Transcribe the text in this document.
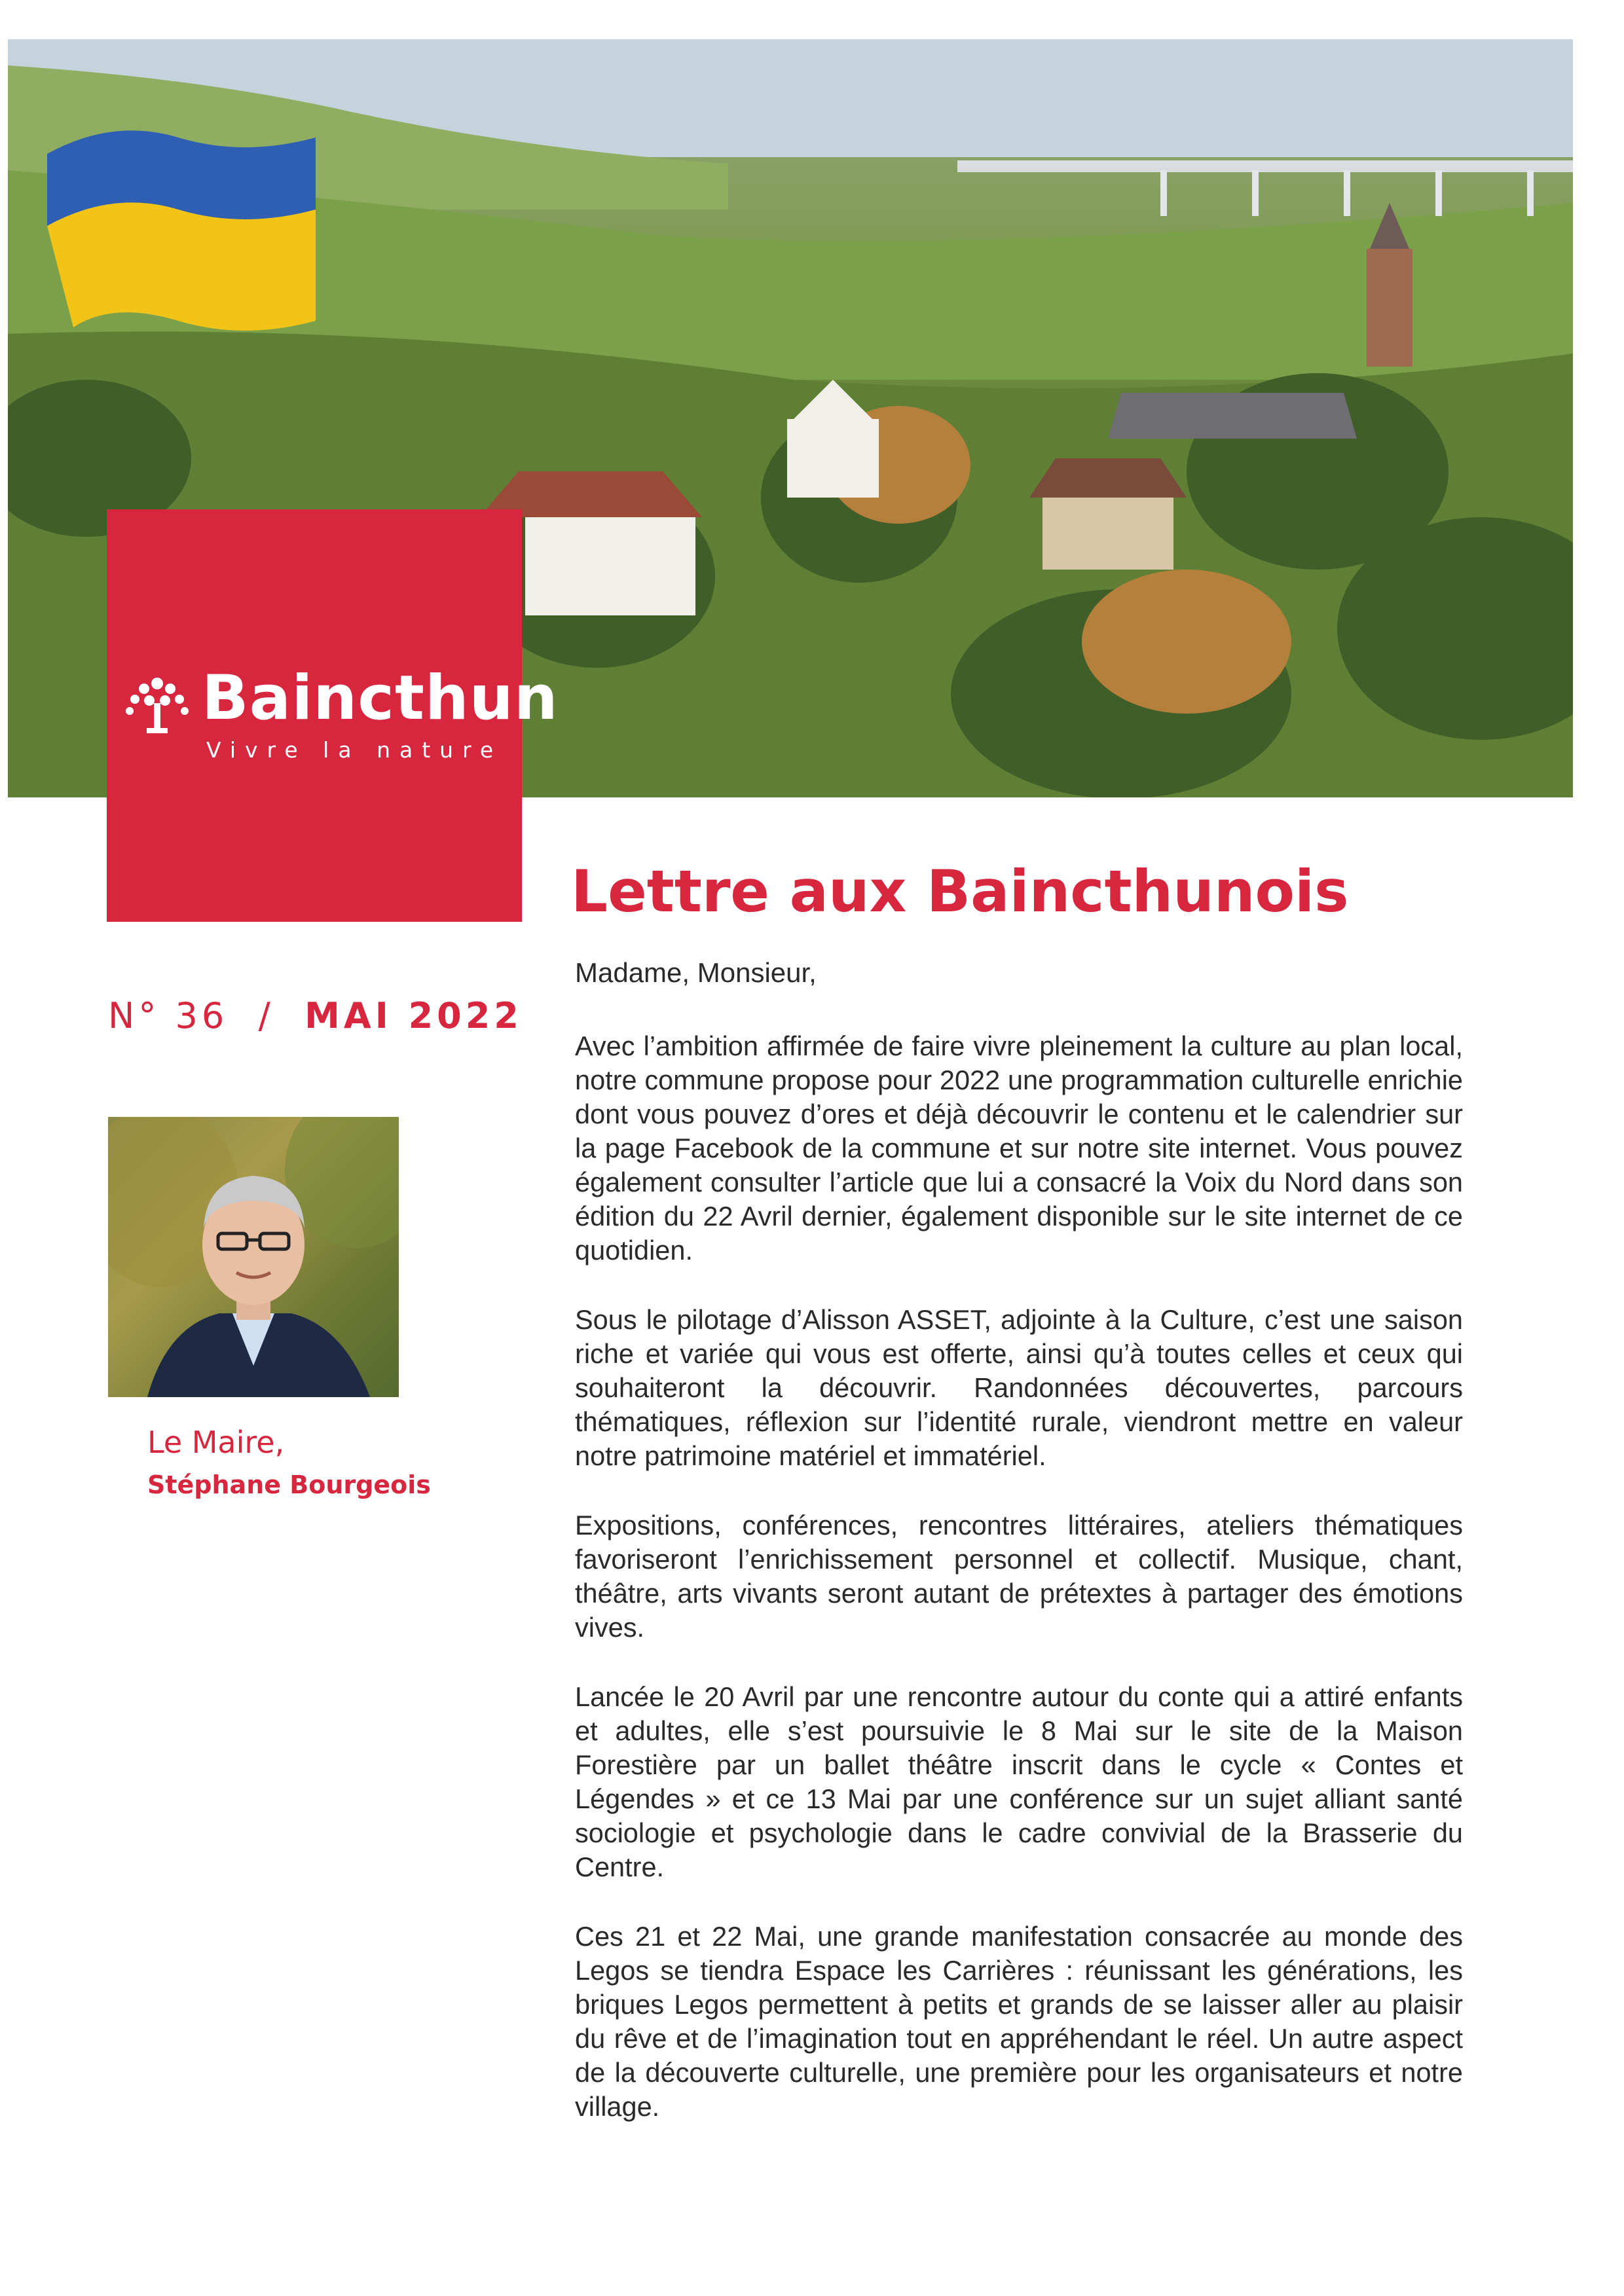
Baincthun
Vivre la nature
Lettre aux Baincthunois
N° 36 / MAI 2022
Le Maire,
Stéphane Bourgeois
Madame, Monsieur,

Avec l’ambition affirmée de faire vivre pleinement la culture au plan local, notre commune propose pour 2022 une programmation culturelle enrichie dont vous pouvez d’ores et déjà découvrir le contenu et le calendrier sur la page Facebook de la commune et sur notre site internet. Vous pouvez également consulter l’article que lui a consacré la Voix du Nord dans son édition du 22 Avril dernier, également disponible sur le site internet de ce quotidien.

Sous le pilotage d’Alisson ASSET, adjointe à la Culture, c’est une saison riche et variée qui vous est offerte, ainsi qu’à toutes celles et ceux qui souhaiteront la découvrir. Randonnées découvertes, parcours thématiques, réflexion sur l’identité rurale, viendront mettre en valeur notre patrimoine matériel et immatériel.

Expositions, conférences, rencontres littéraires, ateliers thématiques favoriseront l’enrichissement personnel et collectif. Musique, chant, théâtre, arts vivants seront autant de prétextes à partager des émotions vives.

Lancée le 20 Avril par une rencontre autour du conte qui a attiré enfants et adultes, elle s’est poursuivie le 8 Mai sur le site de la Maison Forestière par un ballet théâtre inscrit dans le cycle « Contes et Légendes » et ce 13 Mai par une conférence sur un sujet alliant santé sociologie et psychologie dans le cadre convivial de la Brasserie du Centre.

Ces 21 et 22 Mai, une grande manifestation consacrée au monde des Legos se tiendra Espace les Carrières : réunissant les générations, les briques Legos permettent à petits et grands de se laisser aller au plaisir du rêve et de l’imagination tout en appréhendant le réel. Un autre aspect de la découverte culturelle, une première pour les organisateurs et notre village.
